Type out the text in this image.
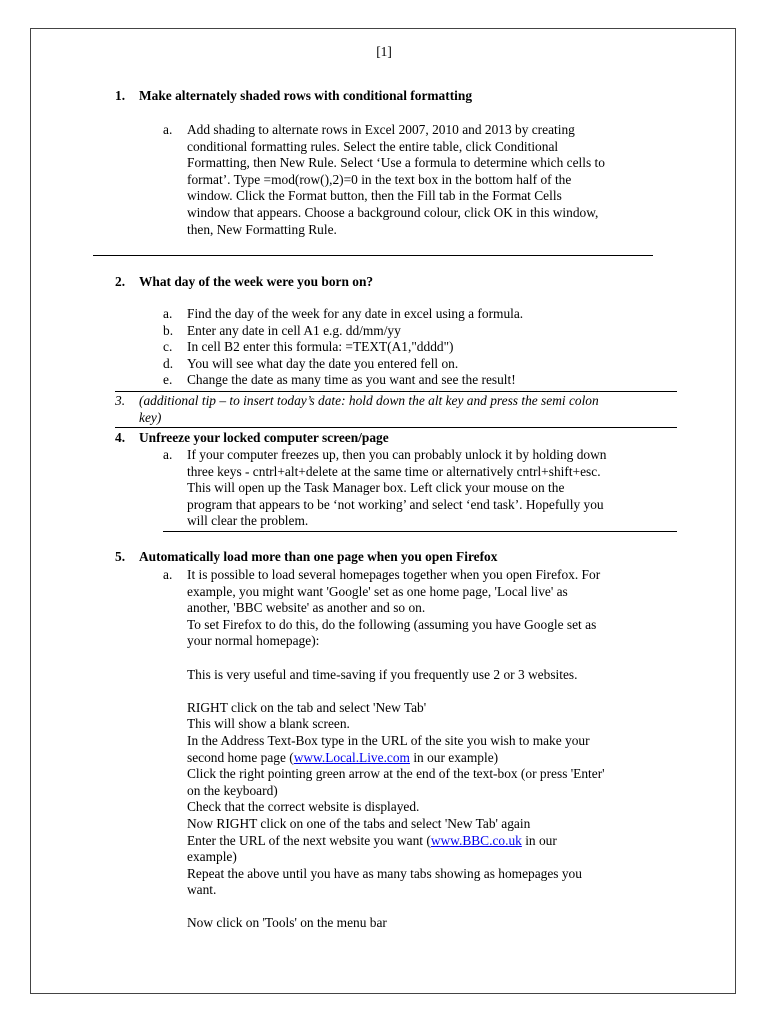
[1]
1. Make alternately shaded rows with conditional formatting
a. Add shading to alternate rows in Excel 2007, 2010 and 2013 by creating
conditional formatting rules. Select the entire table, click Conditional
Formatting, then New Rule. Select ‘Use a formula to determine which cells to
format’. Type =mod(row(),2)=0 in the text box in the bottom half of the
window. Click the Format button, then the Fill tab in the Format Cells
window that appears. Choose a background colour, click OK in this window,
then, New Formatting Rule.
2. What day of the week were you born on?
a. Find the day of the week for any date in excel using a formula.
b. Enter any date in cell A1 e.g. dd/mm/yy
c. In cell B2 enter this formula: =TEXT(A1,"dddd")
d. You will see what day the date you entered fell on.
e. Change the date as many time as you want and see the result!
3. (additional tip – to insert today’s date: hold down the alt key and press the semi colon
key)
4. Unfreeze your locked computer screen/page
a. If your computer freezes up, then you can probably unlock it by holding down
three keys - cntrl+alt+delete at the same time or alternatively cntrl+shift+esc.
This will open up the Task Manager box. Left click your mouse on the
program that appears to be ‘not working’ and select ‘end task’. Hopefully you
will clear the problem.
5. Automatically load more than one page when you open Firefox
a. It is possible to load several homepages together when you open Firefox. For
example, you might want 'Google' set as one home page, 'Local live' as
another, 'BBC website' as another and so on.
To set Firefox to do this, do the following (assuming you have Google set as
your normal homepage):

This is very useful and time-saving if you frequently use 2 or 3 websites.

RIGHT click on the tab and select 'New Tab'
This will show a blank screen.
In the Address Text-Box type in the URL of the site you wish to make your
second home page (www.Local.Live.com in our example)
Click the right pointing green arrow at the end of the text-box (or press 'Enter'
on the keyboard)
Check that the correct website is displayed.
Now RIGHT click on one of the tabs and select 'New Tab' again
Enter the URL of the next website you want (www.BBC.co.uk in our
example)
Repeat the above until you have as many tabs showing as homepages you
want.

Now click on 'Tools' on the menu bar
